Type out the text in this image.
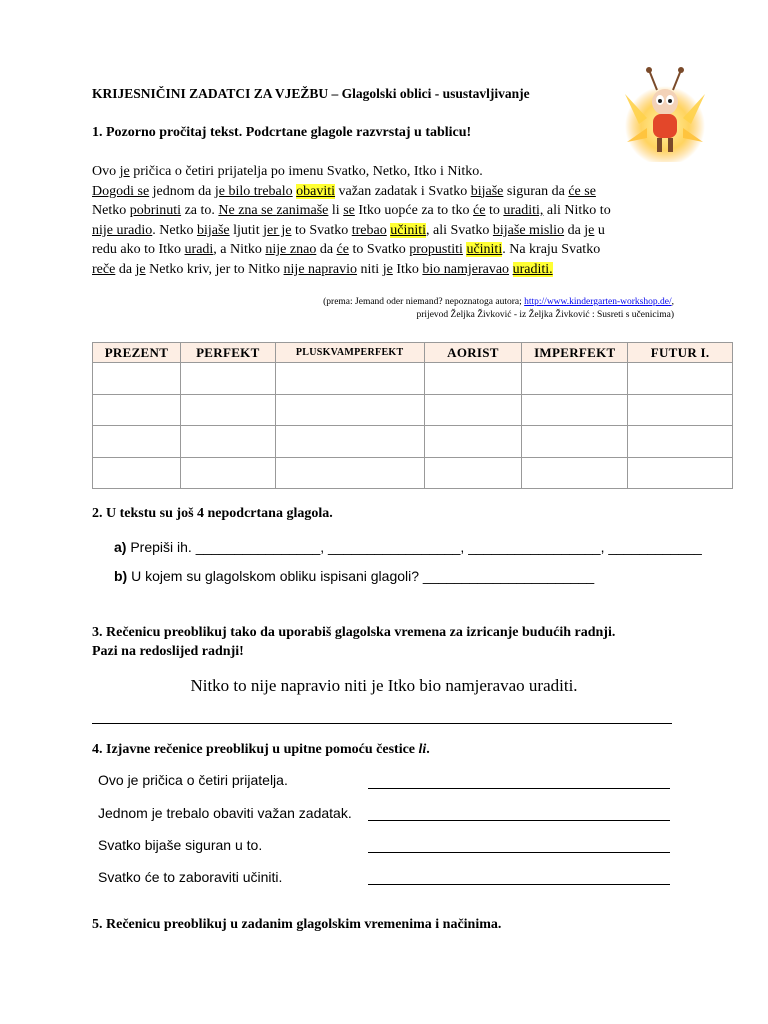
KRIJESNIČINI ZADATCI ZA VJEŽBU – Glagolski oblici - usustavljivanje
1. Pozorno pročitaj tekst. Podcrtane glagole razvrstaj u tablicu!
Ovo je pričica o četiri prijatelja po imenu Svatko, Netko, Itko i Nitko.
Dogodi se jednom da je bilo trebalo obaviti važan zadatak i Svatko bijaše siguran da će se
Netko pobrinuti za to. Ne zna se zanimaše li se Itko uopće za to tko će to uraditi, ali Nitko to
nije uradio. Netko bijaše ljutit jer je to Svatko trebao učiniti, ali Svatko bijaše mislio da je u
redu ako to Itko uradi, a Nitko nije znao da će to Svatko propustiti učiniti. Na kraju Svatko
reče da je Netko kriv, jer to Nitko nije napravio niti je Itko bio namjeravao uraditi.
(prema: Jemand oder niemand? nepoznatoga autora; http://www.kindergarten-workshop.de/,
prijevod Željka Živković - iz Željka Živković : Susreti s učenicima)
PREZENT	PERFEKT	PLUSKVAMPERFEKT	AORIST	IMPERFEKT	FUTUR I.

2. U tekstu su još 4 nepodcrtana glagola.
a) Prepiši ih. ________________, _________________, _________________, ____________
b) U kojem su glagolskom obliku ispisani glagoli? ______________________
3. Rečenicu preoblikuj tako da uporabiš glagolska vremena za izricanje budućih radnji.
Pazi na redoslijed radnji!
Nitko to nije napravio niti je Itko bio namjeravao uraditi.
4. Izjavne rečenice preoblikuj u upitne pomoću čestice li.
Ovo je pričica o četiri prijatelja.
Jednom je trebalo obaviti važan zadatak.
Svatko bijaše siguran u to.
Svatko će to zaboraviti učiniti.
5. Rečenicu preoblikuj u zadanim glagolskim vremenima i načinima.
